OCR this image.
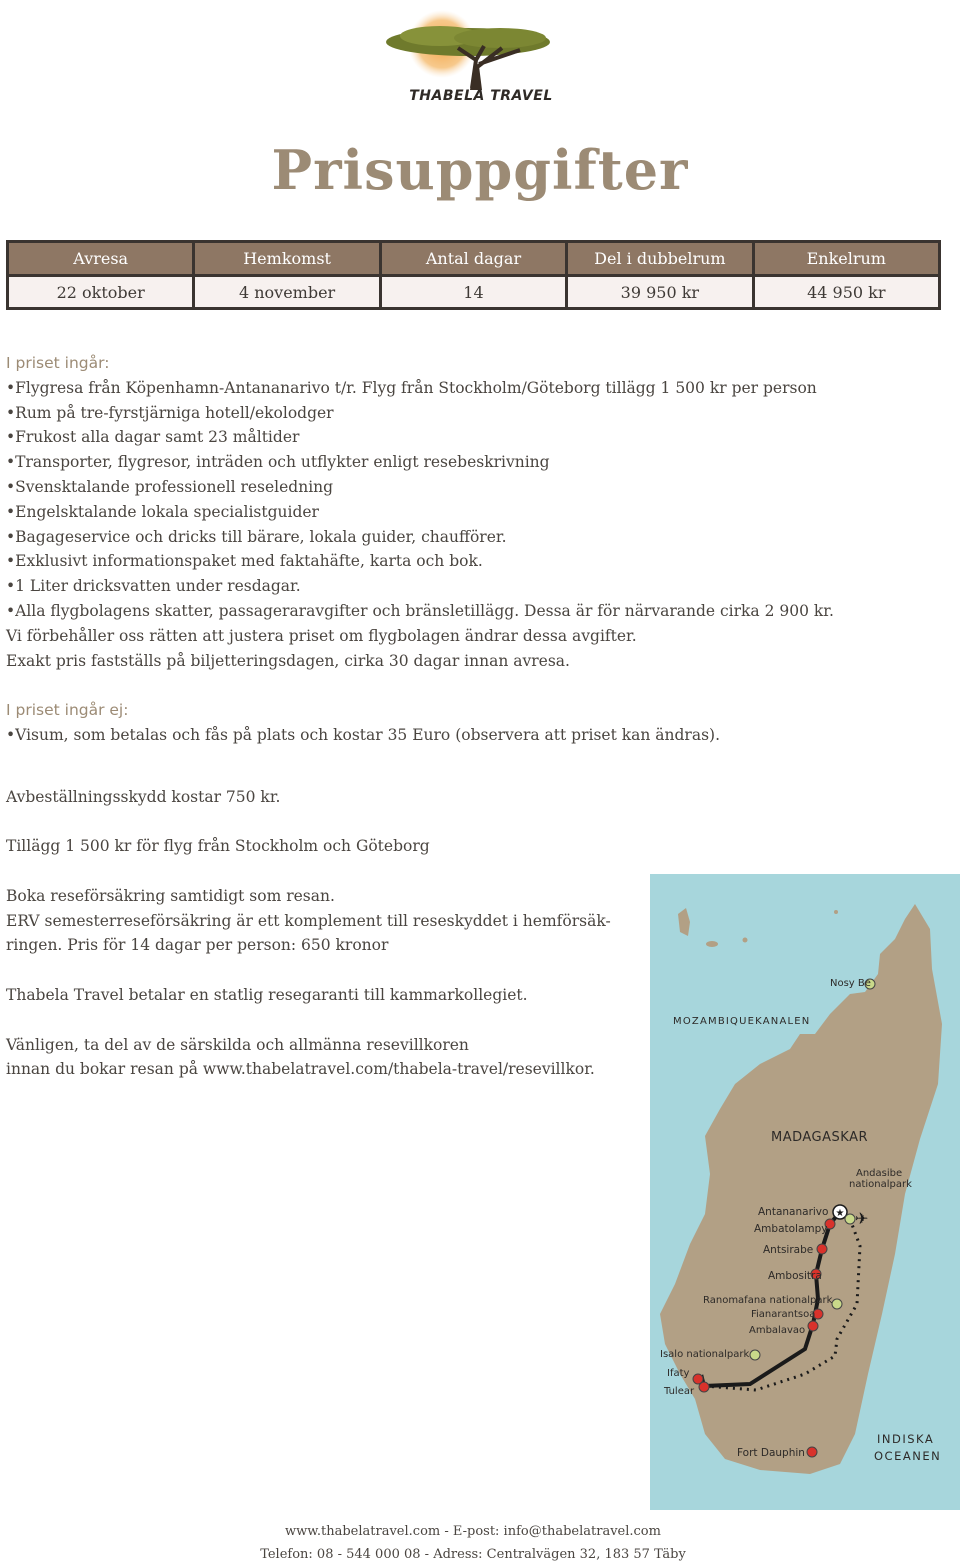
THABELA TRAVEL
Prisuppgifter
Avresa	Hemkomst	Antal dagar	Del i dubbelrum	Enkelrum
22 oktober	4 november	14	39 950 kr	44 950 kr

I priset ingår:

•Flygresa från Köpenhamn-Antananarivo t/r. Flyg från Stockholm/Göteborg tillägg 1 500 kr per person

•Rum på tre-fyrstjärniga hotell/ekolodger

•Frukost alla dagar samt 23 måltider

•Transporter, flygresor, inträden och utflykter enligt resebeskrivning

•Svensktalande professionell reseledning

•Engelsktalande lokala specialistguider

•Bagageservice och dricks till bärare, lokala guider, chaufförer.

•Exklusivt informationspaket med faktahäfte, karta och bok.

•1 Liter dricksvatten under resdagar.

•Alla flygbolagens skatter, passageraravgifter och bränsletillägg. Dessa är för närvarande cirka 2 900 kr.

Vi förbehåller oss rätten att justera priset om flygbolagen ändrar dessa avgifter.

Exakt pris fastställs på biljetteringsdagen, cirka 30 dagar innan avresa.

I priset ingår ej:

•Visum, som betalas och fås på plats och kostar 35 Euro (observera att priset kan ändras).

Avbeställningsskydd kostar 750 kr.

Tillägg 1 500 kr för flyg från Stockholm och Göteborg

Boka reseförsäkring samtidigt som resan.

ERV semesterreseförsäkring är ett komplement till reseskyddet i hemförsäk-

ringen. Pris för 14 dagar per person: 650 kronor

Thabela Travel betalar en statlig resegaranti till kammarkollegiet.

Vänligen, ta del av de särskilda och allmänna resevillkoren

innan du bokar resan på www.thabelatravel.com/thabela-travel/resevillkor.

★ ✈
MOZAMBIQUEKANALEN
Nosy Be
MADAGASKAR
Andasibe
nationalpark
Antananarivo
Ambatolampy
Antsirabe
Ambositra
Ranomafana nationalpark
Fianarantsoa
Ambalavao
Isalo nationalpark
Ifaty
Tulear
Fort Dauphin
INDISKA
OCEANEN
www.thabelatravel.com - E-post: info@thabelatravel.com
Telefon: 08 - 544 000 08 - Adress: Centralvägen 32, 183 57 Täby
